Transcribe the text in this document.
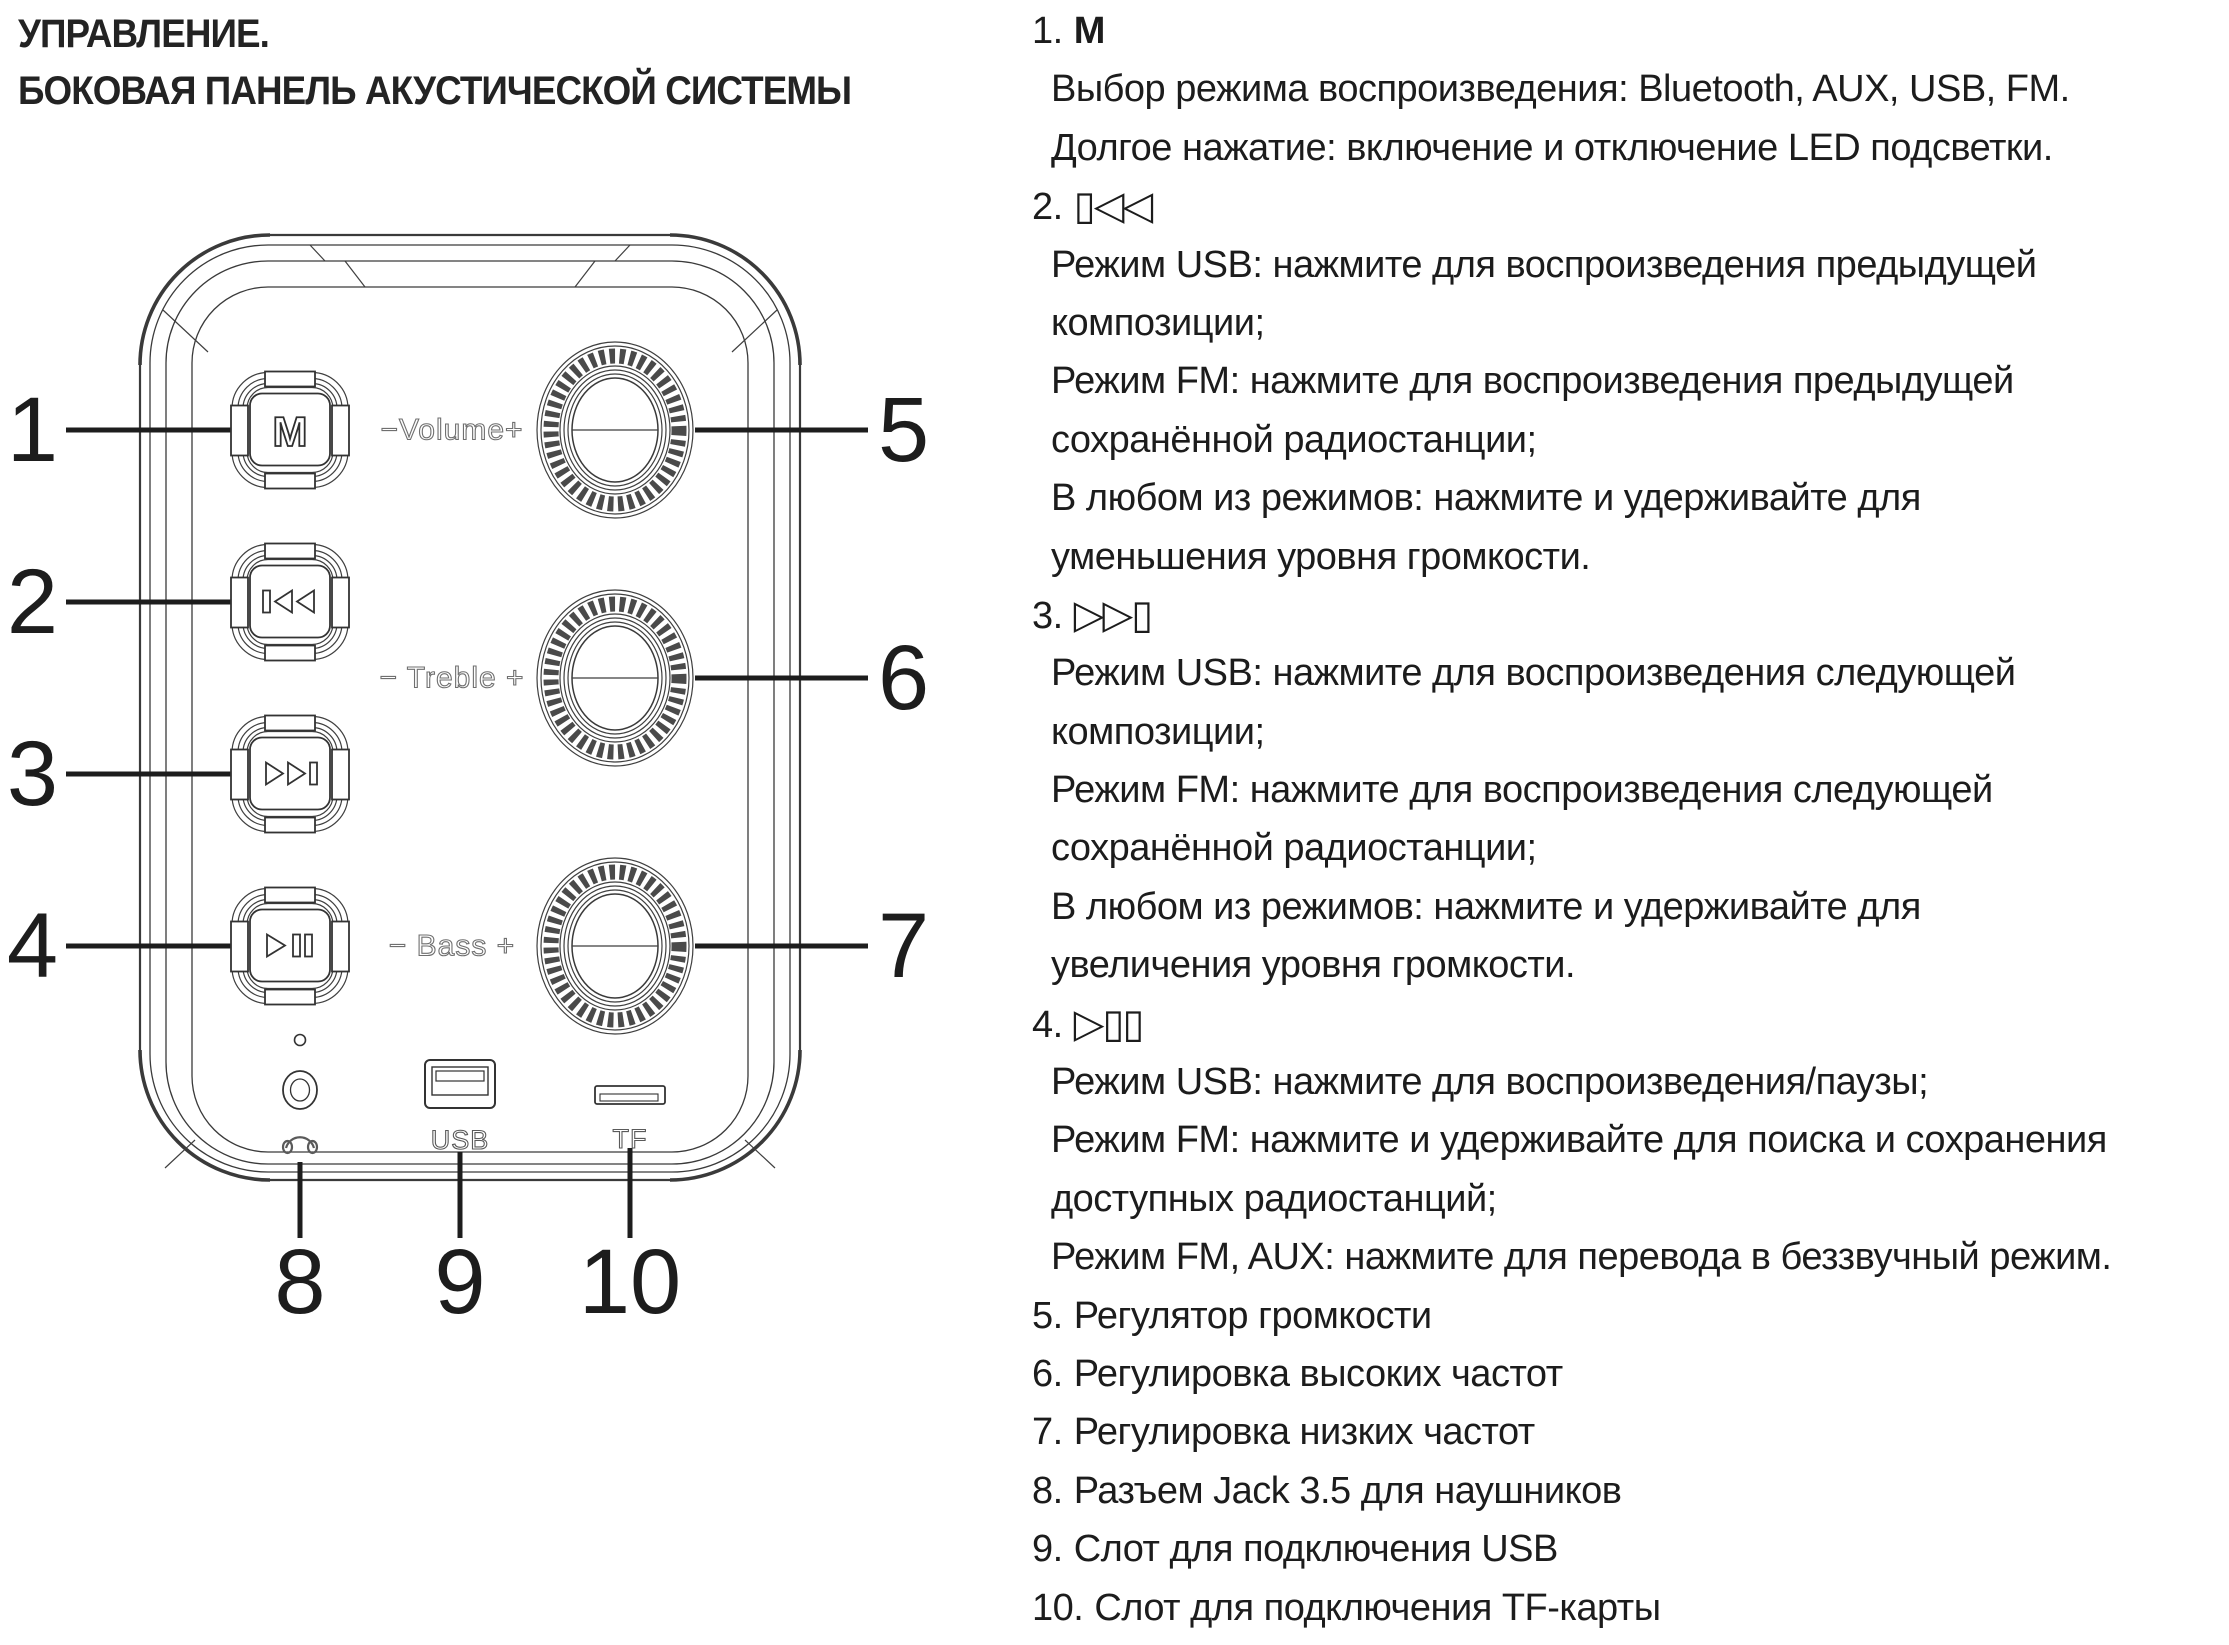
УПРАВЛЕНИЕ.
БОКОВАЯ ПАНЕЛЬ АКУСТИЧЕСКОЙ СИСТЕМЫ
1
2
3
4
5
6
7
M −Volume+
− Treble +
− Bass +
USB	TF
8 9 10
1. M
Выбор режима воспроизведения: Bluetooth, AUX, USB, FM.
Долгое нажатие: включение и отключение LED подсветки.
2. ▯◁◁
Режим USB: нажмите для воспроизведения предыдущей
композиции;
Режим FM: нажмите для воспроизведения предыдущей
сохранённой радиостанции;
В любом из режимов: нажмите и удерживайте для
уменьшения уровня громкости.
3. ▷▷▯
Режим USB: нажмите для воспроизведения следующей
композиции;
Режим FM: нажмите для воспроизведения следующей
сохранённой радиостанции;
В любом из режимов: нажмите и удерживайте для
увеличения уровня громкости.
4. ▷▯▯
Режим USB: нажмите для воспроизведения/паузы;
Режим FM: нажмите и удерживайте для поиска и сохранения
доступных радиостанций;
Режим FM, AUX: нажмите для перевода в беззвучный режим.
5. Регулятор громкости
6. Регулировка высоких частот
7. Регулировка низких частот
8. Разъем Jack 3.5 для наушников
9. Слот для подключения USB
10. Слот для подключения TF-карты
